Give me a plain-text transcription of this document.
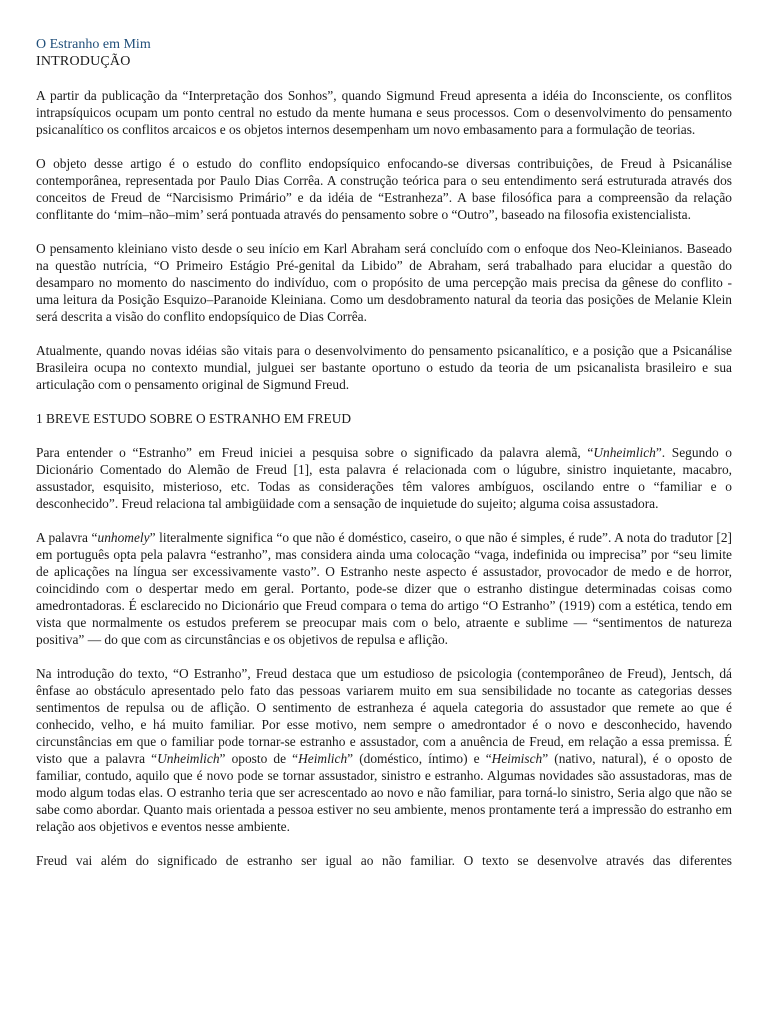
O Estranho em Mim
INTRODUÇÃO

A partir da publicação da “Interpretação dos Sonhos”, quando Sigmund Freud apresenta a idéia do Inconsciente, os conflitos intrapsíquicos ocupam um ponto central no estudo da mente humana e seus processos. Com o desenvolvimento do pensamento psicanalítico os conflitos arcaicos e os objetos internos desempenham um novo embasamento para a formulação de teorias.

O objeto desse artigo é o estudo do conflito endopsíquico enfocando-se diversas contribuições, de Freud à Psicanálise contemporânea, representada por Paulo Dias Corrêa. A construção teórica para o seu entendimento será estruturada através dos conceitos de Freud de “Narcisismo Primário” e da idéia de “Estranheza”. A base filosófica para a compreensão da relação conflitante do ‘mim–não–mim’ será pontuada através do pensamento sobre o “Outro”, baseado na filosofia existencialista.

O pensamento kleiniano visto desde o seu início em Karl Abraham será concluído com o enfoque dos Neo-Kleinianos. Baseado na questão nutrícia, “O Primeiro Estágio Pré-genital da Libido” de Abraham, será trabalhado para elucidar a questão do desamparo no momento do nascimento do indivíduo, com o propósito de uma percepção mais precisa da gênese do conflito - uma leitura da Posição Esquizo–Paranoide Kleiniana. Como um desdobramento natural da teoria das posições de Melanie Klein será descrita a visão do conflito endopsíquico de Dias Corrêa.

Atualmente, quando novas idéias são vitais para o desenvolvimento do pensamento psicanalítico, e a posição que a Psicanálise Brasileira ocupa no contexto mundial, julguei ser bastante oportuno o estudo da teoria de um psicanalista brasileiro e sua articulação com o pensamento original de Sigmund Freud.

1 BREVE ESTUDO SOBRE O ESTRANHO EM FREUD

Para entender o “Estranho” em Freud iniciei a pesquisa sobre o significado da palavra alemã, “Unheimlich”. Segundo o Dicionário Comentado do Alemão de Freud [1], esta palavra é relacionada com o lúgubre, sinistro inquietante, macabro, assustador, esquisito, misterioso, etc. Todas as considerações têm valores ambíguos, oscilando entre o “familiar e o desconhecido”. Freud relaciona tal ambigüidade com a sensação de inquietude do sujeito; alguma coisa assustadora.

A palavra “unhomely” literalmente significa “o que não é doméstico, caseiro, o que não é simples, é rude”. A nota do tradutor [2] em português opta pela palavra “estranho”, mas considera ainda uma colocação “vaga, indefinida ou imprecisa” por “seu limite de aplicações na língua ser excessivamente vasto”. O Estranho neste aspecto é assustador, provocador de medo e de horror, coincidindo com o despertar medo em geral. Portanto, pode-se dizer que o estranho distingue determinadas coisas como amedrontadoras. É esclarecido no Dicionário que Freud compara o tema do artigo “O Estranho” (1919) com a estética, tendo em vista que normalmente os estudos preferem se preocupar mais com o belo, atraente e sublime — “sentimentos de natureza positiva” — do que com as circunstâncias e os objetivos de repulsa e aflição.

Na introdução do texto, “O Estranho”, Freud destaca que um estudioso de psicologia (contemporâneo de Freud), Jentsch, dá ênfase ao obstáculo apresentado pelo fato das pessoas variarem muito em sua sensibilidade no tocante as categorias desses sentimentos de repulsa ou de aflição. O sentimento de estranheza é aquela categoria do assustador que remete ao que é conhecido, velho, e há muito familiar. Por esse motivo, nem sempre o amedrontador é o novo e desconhecido, havendo circunstâncias em que o familiar pode tornar-se estranho e assustador, com a anuência de Freud, em relação a essa premissa. É visto que a palavra “Unheimlich” oposto de “Heimlich” (doméstico, íntimo) e “Heimisch” (nativo, natural), é o oposto de familiar, contudo, aquilo que é novo pode se tornar assustador, sinistro e estranho. Algumas novidades são assustadoras, mas de modo algum todas elas. O estranho teria que ser acrescentado ao novo e não familiar, para torná-lo sinistro, Seria algo que não se sabe como abordar. Quanto mais orientada a pessoa estiver no seu ambiente, menos prontamente terá a impressão do estranho em relação aos objetivos e eventos nesse ambiente.

Freud vai além do significado de estranho ser igual ao não familiar. O texto se desenvolve através das diferentes
